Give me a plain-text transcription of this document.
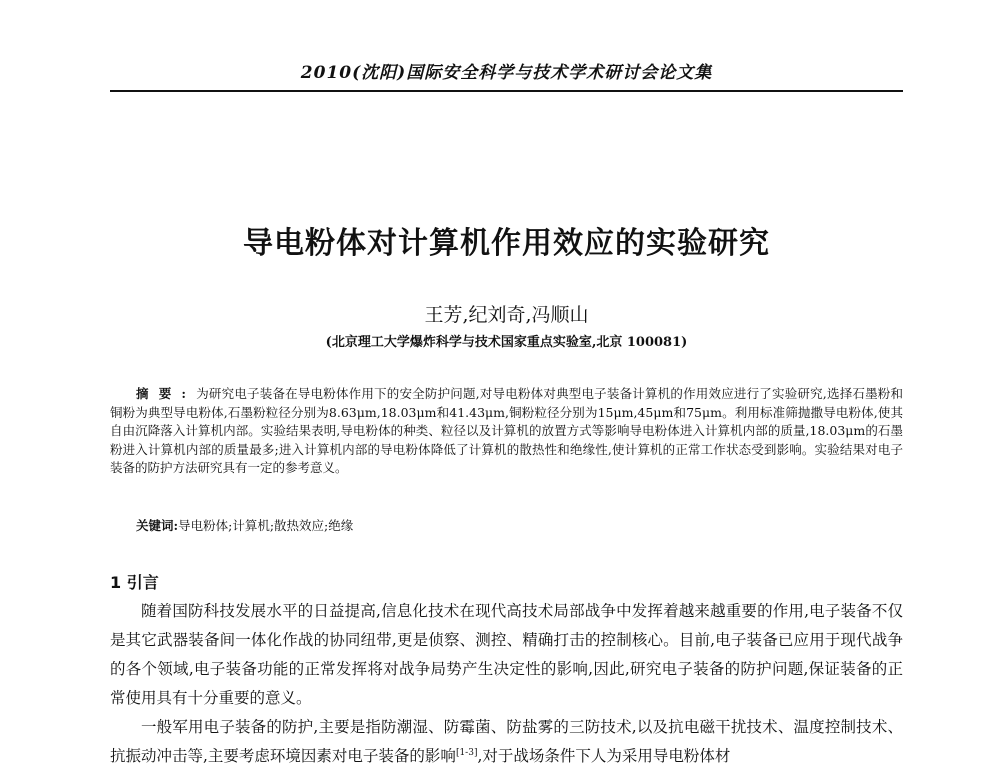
2010(沈阳)国际安全科学与技术学术研讨会论文集
导电粉体对计算机作用效应的实验研究
王芳,纪刘奇,冯顺山
(北京理工大学爆炸科学与技术国家重点实验室,北京 100081)

摘要:为研究电子装备在导电粉体作用下的安全防护问题,对导电粉体对典型电子装备计算机的作用效应进行了实验研究,选择石墨粉和铜粉为典型导电粉体,石墨粉粒径分别为8.63μm,18.03μm和41.43μm,铜粉粒径分别为15μm,45μm和75μm。利用标准筛抛撒导电粉体,使其自由沉降落入计算机内部。实验结果表明,导电粉体的种类、粒径以及计算机的放置方式等影响导电粉体进入计算机内部的质量,18.03μm的石墨粉进入计算机内部的质量最多;进入计算机内部的导电粉体降低了计算机的散热性和绝缘性,使计算机的正常工作状态受到影响。实验结果对电子装备的防护方法研究具有一定的参考意义。

关键词:导电粉体;计算机;散热效应;绝缘

1 引言

随着国防科技发展水平的日益提高,信息化技术在现代高技术局部战争中发挥着越来越重要的作用,电子装备不仅是其它武器装备间一体化作战的协同纽带,更是侦察、测控、精确打击的控制核心。目前,电子装备已应用于现代战争的各个领域,电子装备功能的正常发挥将对战争局势产生决定性的影响,因此,研究电子装备的防护问题,保证装备的正常使用具有十分重要的意义。

一般军用电子装备的防护,主要是指防潮湿、防霉菌、防盐雾的三防技术,以及抗电磁干扰技术、温度控制技术、抗振动冲击等,主要考虑环境因素对电子装备的影响[1-3],对于战场条件下人为采用导电粉体材
